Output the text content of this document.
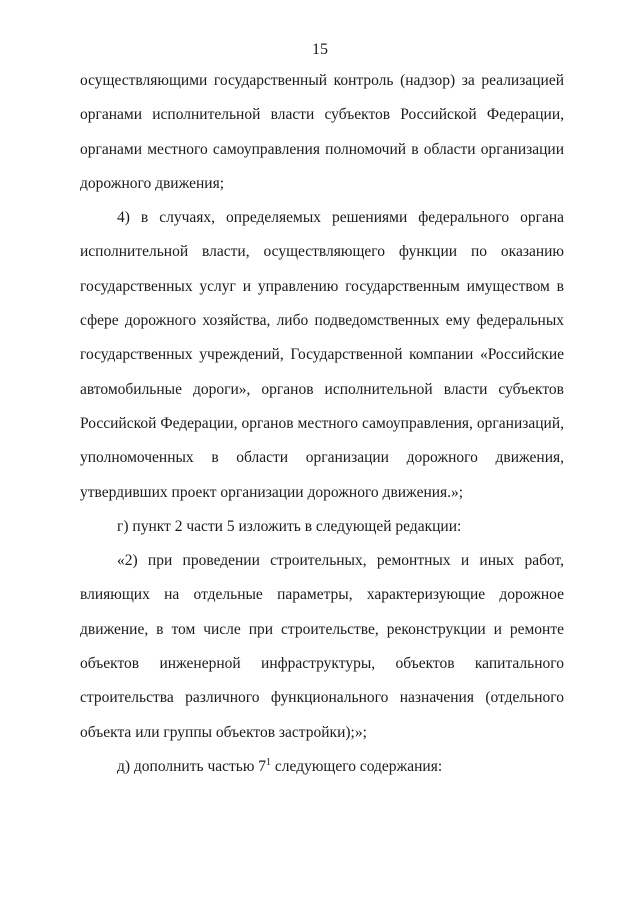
15
осуществляющими государственный контроль (надзор) за реализацией
органами исполнительной власти субъектов Российской Федерации,
органами местного самоуправления полномочий в области организации
дорожного движения;
4) в случаях, определяемых решениями федерального органа
исполнительной власти, осуществляющего функции по оказанию
государственных услуг и управлению государственным имуществом в
сфере дорожного хозяйства, либо подведомственных ему федеральных
государственных учреждений, Государственной компании «Российские
автомобильные дороги», органов исполнительной власти субъектов
Российской Федерации, органов местного самоуправления, организаций,
уполномоченных в области организации дорожного движения,
утвердивших проект организации дорожного движения.»;
г) пункт 2 части 5 изложить в следующей редакции:
«2) при проведении строительных, ремонтных и иных работ,
влияющих на отдельные параметры, характеризующие дорожное
движение, в том числе при строительстве, реконструкции и ремонте
объектов инженерной инфраструктуры, объектов капитального
строительства различного функционального назначения (отдельного
объекта или группы объектов застройки);»;
д) дополнить частью $7^1$ следующего содержания:
